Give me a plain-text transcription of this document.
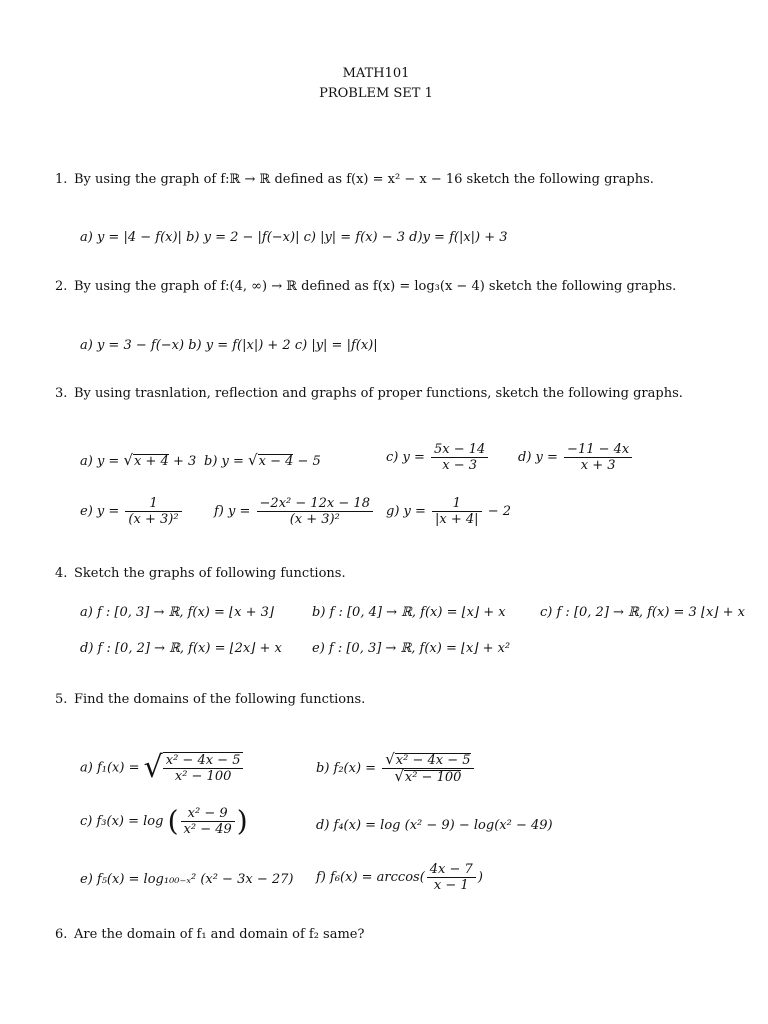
MATH101
PROBLEM SET 1
1. By using the graph of f:ℝ → ℝ defined as f(x) = x² − x − 16 sketch the following graphs.
a) y = |4 − f(x)| b) y = 2 − |f(−x)| c) |y| = f(x) − 3 d)y = f(|x|) + 3
2. By using the graph of f:(4, ∞) → ℝ defined as f(x) = log₃(x − 4) sketch the following graphs.
a) y = 3 − f(−x) b) y = f(|x|) + 2 c) |y| = |f(x)|
3. By using trasnlation, reflection and graphs of proper functions, sketch the following graphs.
a) y = √x + 4 + 3 b) y = √x − 4 − 5	c) $y = \frac{5x - 14}{x - 3} d$) $y = \frac{-11 - 4x}{x + 3}$
e) $y = \frac{1}{\text{(x + 3)²}} f$) $y = \frac{\text{−2x² − 12x − 18}}{\text{(x + 3)²}} g$) $y = \frac{1}{|x + 4|} - 2$
4. Sketch the graphs of following functions.
a) f : [0, 3] → ℝ, f(x) = ⌊x + 3⌋	b) f : [0, 4] → ℝ, f(x) = ⌊x⌋ + x	c) f : [0, 2] → ℝ, f(x) = 3 ⌊x⌋ + x
d) f : [0, 2] → ℝ, f(x) = ⌊2x⌋ + x e) f : [0, 3] → ℝ, f(x) = ⌊x⌋ + x²
5. Find the domains of the following functions.
a) f₁(x) = √ $\frac{\text{x² − 4x − 5}}{\text{x² − 100}}$	b) $f_2(x) = \frac{\text{√x² − 4x − 5}}{\text{√x² − 100}}$
c) f₃(x) = log ( $\frac{\text{x² − 9}}{\text{x² − 49}}$ )	d) f₄(x) = log (x² − 9) − log(x² − 49)
e) f₅(x) = log₁₀₀₋ₓ² (x² − 3x − 27) f) $f_6(x) = \arccos( \frac{4x - 7}{x - 1}$ )
6. Are the domain of f₁ and domain of f₂ same?
